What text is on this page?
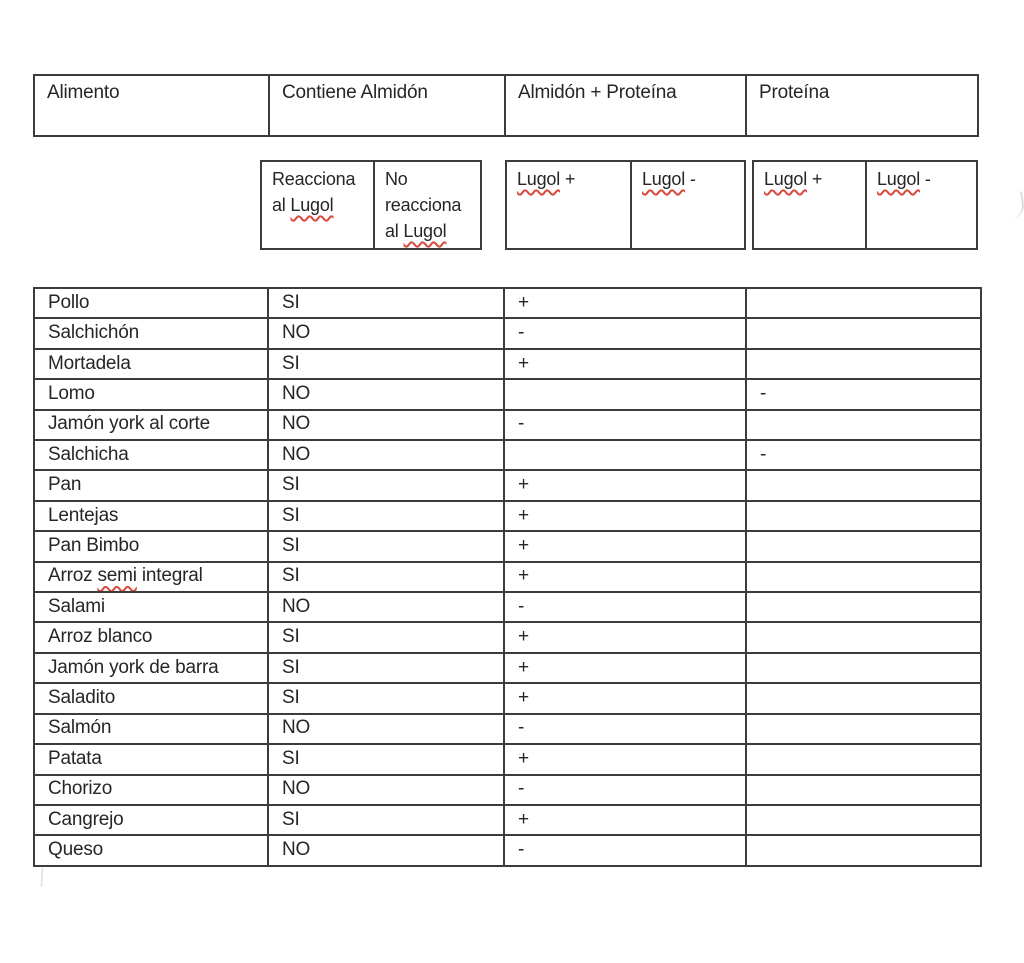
Alimento	Contiene Almidón	Almidón + Proteína	Proteína
Reacciona al Lugol
No reacciona al Lugol
Lugol +	Lugol -	Lugol +	Lugol -
Pollo	SI	+	
Salchichón	NO	-	
Mortadela	SI	+	
Lomo	NO		-
Jamón york al corte	NO	-	
Salchicha	NO		-
Pan	SI	+	
Lentejas	SI	+	
Pan Bimbo	SI	+	
Arroz semi integral	SI	+	
Salami	NO	-	
Arroz blanco	SI	+	
Jamón york de barra	SI	+	
Saladito	SI	+	
Salmón	NO	-	
Patata	SI	+	
Chorizo	NO	-	
Cangrejo	SI	+	
Queso	NO	-	
